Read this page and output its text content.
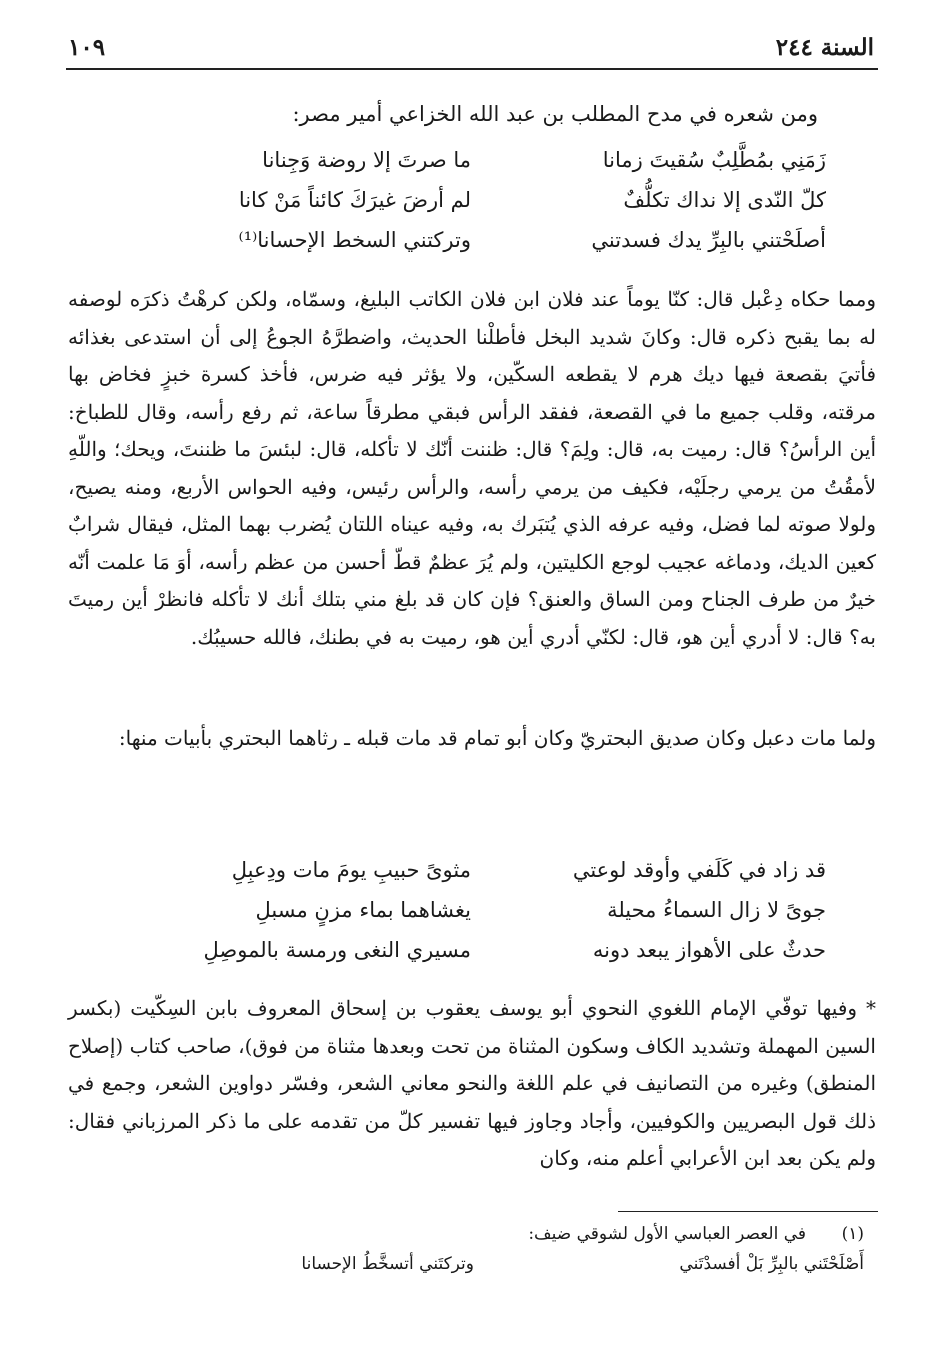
السنة ٢٤٤
١٠٩
ومن شعره في مدح المطلب بن عبد الله الخزاعي أمير مصر:
زَمَنِي بمُطَّلِبٌ سُقيتَ زمانا
ما صرتَ إلا روضة وَجِنانا
كلّ النّدى إلا نداك تكلُّفٌ
لم أرضَ غيرَكَ كائناً مَنْ كانا
أصلَحْتني بالبِرِّ يدك فسدتني
وتركتني السخط الإحسانا⁽¹⁾
ومما حكاه دِعْبل قال: كنّا يوماً عند فلان ابن فلان الكاتب البليغ، وسمّاه، ولكن كرهْتُ ذكرَه لوصفه له بما يقبح ذكره قال: وكانَ شديد البخل فأطلْنا الحديث، واضطرَّهُ الجوعُ إلى أن استدعى بغذائه فأتيَ بقصعة فيها ديك هرم لا يقطعه السكّين، ولا يؤثر فيه ضرس، فأخذ كسرة خبزٍ فخاض بها مرقته، وقلب جميع ما في القصعة، ففقد الرأس فبقي مطرقاً ساعة، ثم رفع رأسه، وقال للطباخ: أين الرأسُ؟ قال: رميت به، قال: ولِمَ؟ قال: ظننت أنّك لا تأكله، قال: لبئسَ ما ظننتَ، ويحك؛ واللّهِ لأمقُتُ من يرمي رجلَيْه، فكيف من يرمي رأسه، والرأس رئيس، وفيه الحواس الأربع، ومنه يصيح، ولولا صوته لما فضل، وفيه عرفه الذي يُتبَرك به، وفيه عيناه اللتان يُضرب بهما المثل، فيقال شرابٌ كعين الديك، ودماغه عجيب لوجع الكليتين، ولم يُرَ عظمٌ قطّ أحسن من عظم رأسه، أوَ مَا علمت أنّه خيرٌ من طرف الجناح ومن الساق والعنق؟ فإن كان قد بلغ مني بتلك أنك لا تأكله فانظرْ أين رميتَ به؟ قال: لا أدري أين هو، قال: لكنّي أدري أين هو، رميت به في بطنك، فالله حسيبُك.
ولما مات دعبل وكان صديق البحتريّ وكان أبو تمام قد مات قبله ـ رثاهما البحتري بأبيات منها:
قد زاد في كَلَفي وأوقد لوعتي
مثوىً حبيبِ يومَ مات ودِعبِلِ
جوىً لا زال السماءُ محيلة
يغشاهما بماء مزنٍ مسبلِ
حدثٌ على الأهواز يبعد دونه
مسيري النغى ورمسة بالموصِلِ
* وفيها توفّي الإمام اللغوي النحوي أبو يوسف يعقوب بن إسحاق المعروف بابن السِكّيت (بكسر السين المهملة وتشديد الكاف وسكون المثناة من تحت وبعدها مثناة من فوق)، صاحب كتاب (إصلاح المنطق) وغيره من التصانيف في علم اللغة والنحو معاني الشعر، وفسّر دواوين الشعر، وجمع في ذلك قول البصريين والكوفيين، وأجاد وجاوز فيها تفسير كلّ من تقدمه على ما ذكر المرزباني فقال: ولم يكن بعد ابن الأعرابي أعلم منه، وكان
(١)
في العصر العباسي الأول لشوقي ضيف:
أَصْلَحْتَني بالبِرِّ بَلْ أفسدْتَني
وتركتَني أتسخَّطُ الإحسانا
